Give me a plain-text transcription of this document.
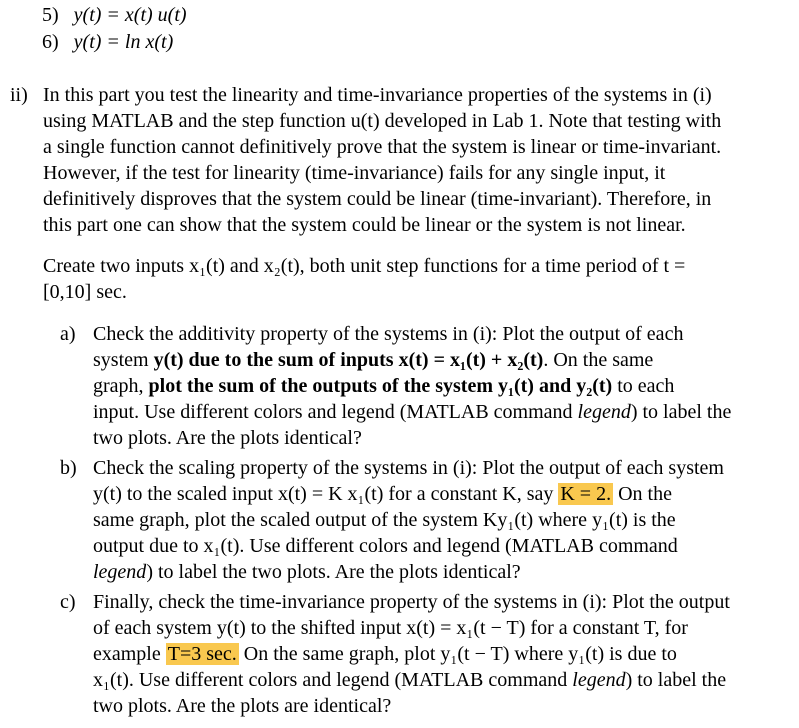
5) y(t) = x(t) u(t)
6) y(t) = ln x(t)
ii) In this part you test the linearity and time-invariance properties of the systems in (i)
using MATLAB and the step function u(t) developed in Lab 1. Note that testing with
a single function cannot definitively prove that the system is linear or time-invariant.
However, if the test for linearity (time-invariance) fails for any single input, it
definitively disproves that the system could be linear (time-invariant). Therefore, in
this part one can show that the system could be linear or the system is not linear.
Create two inputs x₁(t) and x₂(t), both unit step functions for a time period of t =
[0,10] sec.
a) Check the additivity property of the systems in (i): Plot the output of each
system y(t) due to the sum of inputs x(t) = x₁(t) + x₂(t). On the same
graph, plot the sum of the outputs of the system y₁(t) and y₂(t) to each
input. Use different colors and legend (MATLAB command legend) to label the
two plots. Are the plots identical?
b) Check the scaling property of the systems in (i): Plot the output of each system
y(t) to the scaled input x(t) = K x₁(t) for a constant K, say K = 2. On the
same graph, plot the scaled output of the system Ky₁(t) where y₁(t) is the
output due to x₁(t). Use different colors and legend (MATLAB command
legend) to label the two plots. Are the plots identical?
c) Finally, check the time-invariance property of the systems in (i): Plot the output
of each system y(t) to the shifted input x(t) = x₁(t − T) for a constant T, for
example T=3 sec. On the same graph, plot y₁(t − T) where y₁(t) is due to
x₁(t). Use different colors and legend (MATLAB command legend) to label the
two plots. Are the plots are identical?
